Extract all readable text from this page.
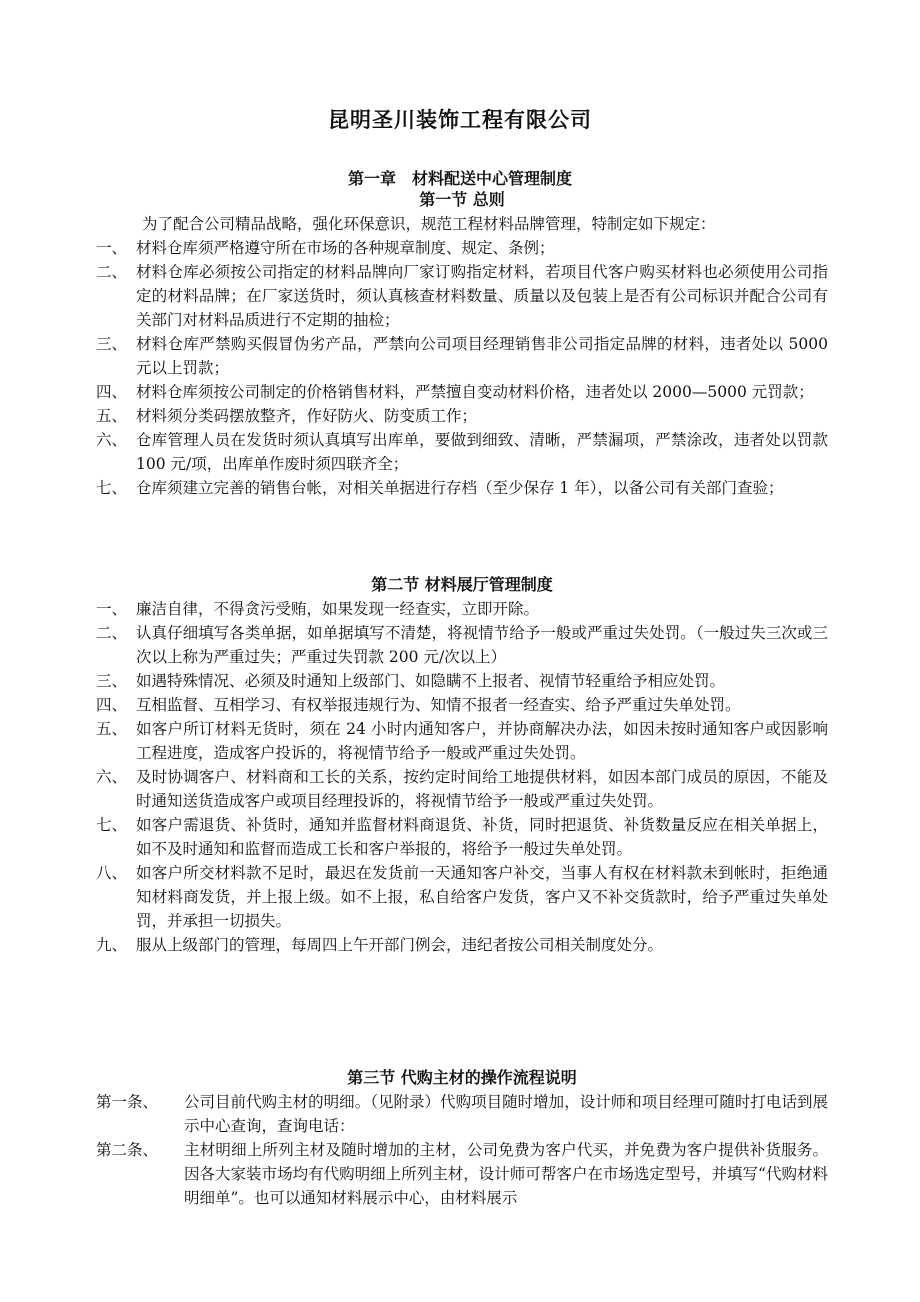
昆明圣川装饰工程有限公司
第一章　材料配送中心管理制度
第一节 总则

为了配合公司精品战略，强化环保意识，规范工程材料品牌管理，特制定如下规定：

一、 材料仓库须严格遵守所在市场的各种规章制度、规定、条例；
二、 材料仓库必须按公司指定的材料品牌向厂家订购指定材料，若项目代客户购买材料也必须使用公司指定的材料品牌；在厂家送货时，须认真核查材料数量、质量以及包装上是否有公司标识并配合公司有关部门对材料品质进行不定期的抽检；
三、 材料仓库严禁购买假冒伪劣产品，严禁向公司项目经理销售非公司指定品牌的材料，违者处以 5000 元以上罚款；
四、 材料仓库须按公司制定的价格销售材料，严禁擅自变动材料价格，违者处以 2000—5000 元罚款；
五、 材料须分类码摆放整齐，作好防火、防变质工作；
六、 仓库管理人员在发货时须认真填写出库单，要做到细致、清晰，严禁漏项，严禁涂改，违者处以罚款 100 元/项，出库单作废时须四联齐全；
七、 仓库须建立完善的销售台帐，对相关单据进行存档（至少保存 1 年），以备公司有关部门查验；
第二节 材料展厅管理制度
一、 廉洁自律，不得贪污受贿，如果发现一经查实，立即开除。
二、 认真仔细填写各类单据，如单据填写不清楚，将视情节给予一般或严重过失处罚。（一般过失三次或三次以上称为严重过失；严重过失罚款 200 元/次以上）
三、 如遇特殊情况、必须及时通知上级部门、如隐瞒不上报者、视情节轻重给予相应处罚。
四、 互相监督、互相学习、有权举报违规行为、知情不报者一经查实、给予严重过失单处罚。
五、 如客户所订材料无货时，须在 24 小时内通知客户，并协商解决办法，如因未按时通知客户或因影响工程进度，造成客户投诉的，将视情节给予一般或严重过失处罚。
六、 及时协调客户、材料商和工长的关系，按约定时间给工地提供材料，如因本部门成员的原因，不能及时通知送货造成客户或项目经理投诉的，将视情节给予一般或严重过失处罚。
七、 如客户需退货、补货时，通知并监督材料商退货、补货，同时把退货、补货数量反应在相关单据上，如不及时通知和监督而造成工长和客户举报的，将给予一般过失单处罚。
八、 如客户所交材料款不足时，最迟在发货前一天通知客户补交，当事人有权在材料款未到帐时，拒绝通知材料商发货，并上报上级。如不上报，私自给客户发货，客户又不补交货款时，给予严重过失单处罚，并承担一切损失。
九、 服从上级部门的管理，每周四上午开部门例会，违纪者按公司相关制度处分。
第三节 代购主材的操作流程说明
第一条、	公司目前代购主材的明细。（见附录）代购项目随时增加，设计师和项目经理可随时打电话到展示中心查询，查询电话：
第二条、	主材明细上所列主材及随时增加的主材，公司免费为客户代买，并免费为客户提供补货服务。因各大家装市场均有代购明细上所列主材，设计师可帮客户在市场选定型号，并填写“代购材料明细单”。也可以通知材料展示中心，由材料展示
